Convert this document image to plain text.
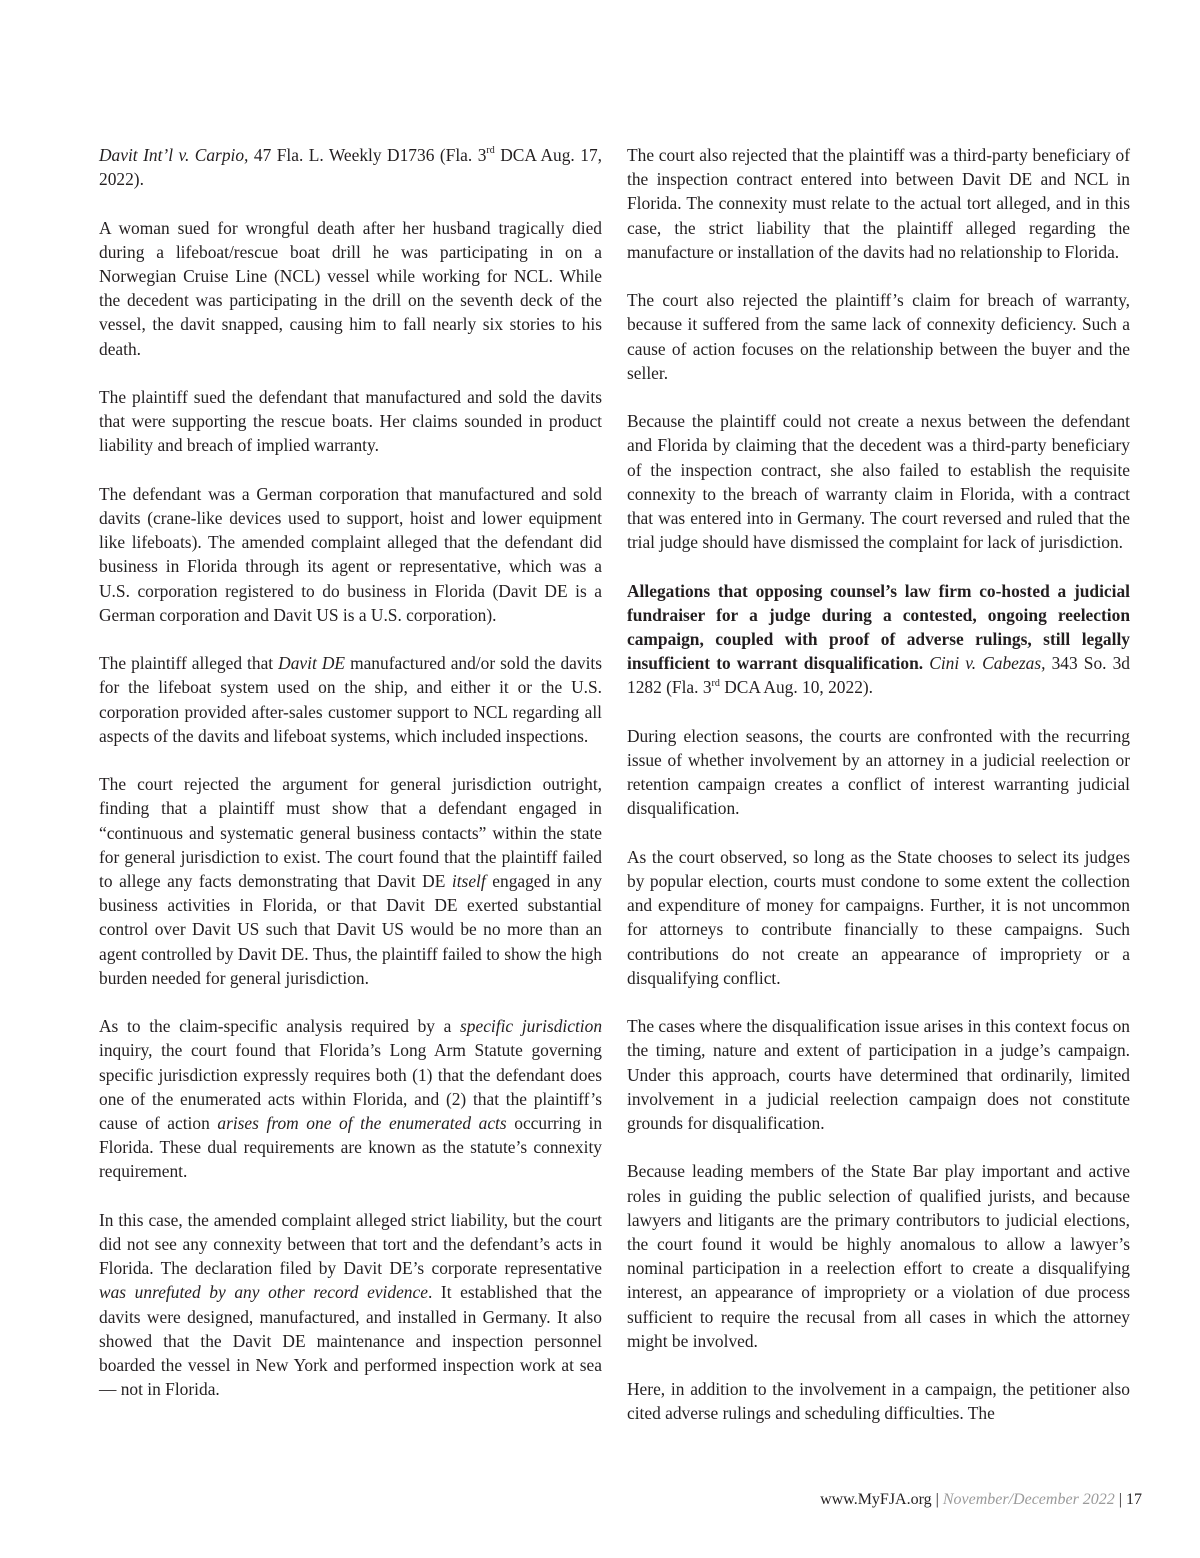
Davit Int’l v. Carpio, 47 Fla. L. Weekly D1736 (Fla. 3rd DCA Aug. 17, 2022).

A woman sued for wrongful death after her husband tragically died during a lifeboat/rescue boat drill he was participating in on a Norwegian Cruise Line (NCL) vessel while working for NCL. While the decedent was participating in the drill on the seventh deck of the vessel, the davit snapped, causing him to fall nearly six stories to his death.

The plaintiff sued the defendant that manufactured and sold the davits that were supporting the rescue boats. Her claims sounded in product liability and breach of implied warranty.

The defendant was a German corporation that manufactured and sold davits (crane-like devices used to support, hoist and lower equipment like lifeboats). The amended complaint alleged that the defendant did business in Florida through its agent or representative, which was a U.S. corporation registered to do business in Florida (Davit DE is a German corporation and Davit US is a U.S. corporation).

The plaintiff alleged that Davit DE manufactured and/or sold the davits for the lifeboat system used on the ship, and either it or the U.S. corporation provided after-sales customer support to NCL regarding all aspects of the davits and lifeboat systems, which included inspections.

The court rejected the argument for general jurisdiction outright, finding that a plaintiff must show that a defendant engaged in “continuous and systematic general business contacts” within the state for general jurisdiction to exist. The court found that the plaintiff failed to allege any facts demonstrating that Davit DE itself engaged in any business activities in Florida, or that Davit DE exerted substantial control over Davit US such that Davit US would be no more than an agent controlled by Davit DE. Thus, the plaintiff failed to show the high burden needed for general jurisdiction.

As to the claim-specific analysis required by a specific jurisdiction inquiry, the court found that Florida’s Long Arm Statute governing specific jurisdiction expressly requires both (1) that the defendant does one of the enumerated acts within Florida, and (2) that the plaintiff’s cause of action arises from one of the enumerated acts occurring in Florida. These dual requirements are known as the statute’s connexity requirement.

In this case, the amended complaint alleged strict liability, but the court did not see any connexity between that tort and the defendant’s acts in Florida. The declaration filed by Davit DE’s corporate representative was unrefuted by any other record evidence. It established that the davits were designed, manufactured, and installed in Germany. It also showed that the Davit DE maintenance and inspection personnel boarded the vessel in New York and performed inspection work at sea — not in Florida.

The court also rejected that the plaintiff was a third-party beneficiary of the inspection contract entered into between Davit DE and NCL in Florida. The connexity must relate to the actual tort alleged, and in this case, the strict liability that the plaintiff alleged regarding the manufacture or installation of the davits had no relationship to Florida.

The court also rejected the plaintiff’s claim for breach of warranty, because it suffered from the same lack of connexity deficiency. Such a cause of action focuses on the relationship between the buyer and the seller.

Because the plaintiff could not create a nexus between the defendant and Florida by claiming that the decedent was a third-party beneficiary of the inspection contract, she also failed to establish the requisite connexity to the breach of warranty claim in Florida, with a contract that was entered into in Germany. The court reversed and ruled that the trial judge should have dismissed the complaint for lack of jurisdiction.

Allegations that opposing counsel’s law firm co-hosted a judicial fundraiser for a judge during a contested, ongoing reelection campaign, coupled with proof of adverse rulings, still legally insufficient to warrant disqualification. Cini v. Cabezas, 343 So. 3d 1282 (Fla. 3rd DCA Aug. 10, 2022).

During election seasons, the courts are confronted with the recurring issue of whether involvement by an attorney in a judicial reelection or retention campaign creates a conflict of interest warranting judicial disqualification.

As the court observed, so long as the State chooses to select its judges by popular election, courts must condone to some extent the collection and expenditure of money for campaigns. Further, it is not uncommon for attorneys to contribute financially to these campaigns. Such contributions do not create an appearance of impropriety or a disqualifying conflict.

The cases where the disqualification issue arises in this context focus on the timing, nature and extent of participation in a judge’s campaign. Under this approach, courts have determined that ordinarily, limited involvement in a judicial reelection campaign does not constitute grounds for disqualification.

Because leading members of the State Bar play important and active roles in guiding the public selection of qualified jurists, and because lawyers and litigants are the primary contributors to judicial elections, the court found it would be highly anomalous to allow a lawyer’s nominal participation in a reelection effort to create a disqualifying interest, an appearance of impropriety or a violation of due process sufficient to require the recusal from all cases in which the attorney might be involved.

Here, in addition to the involvement in a campaign, the petitioner also cited adverse rulings and scheduling difficulties. The

www.MyFJA.org | November/December 2022 | 17
